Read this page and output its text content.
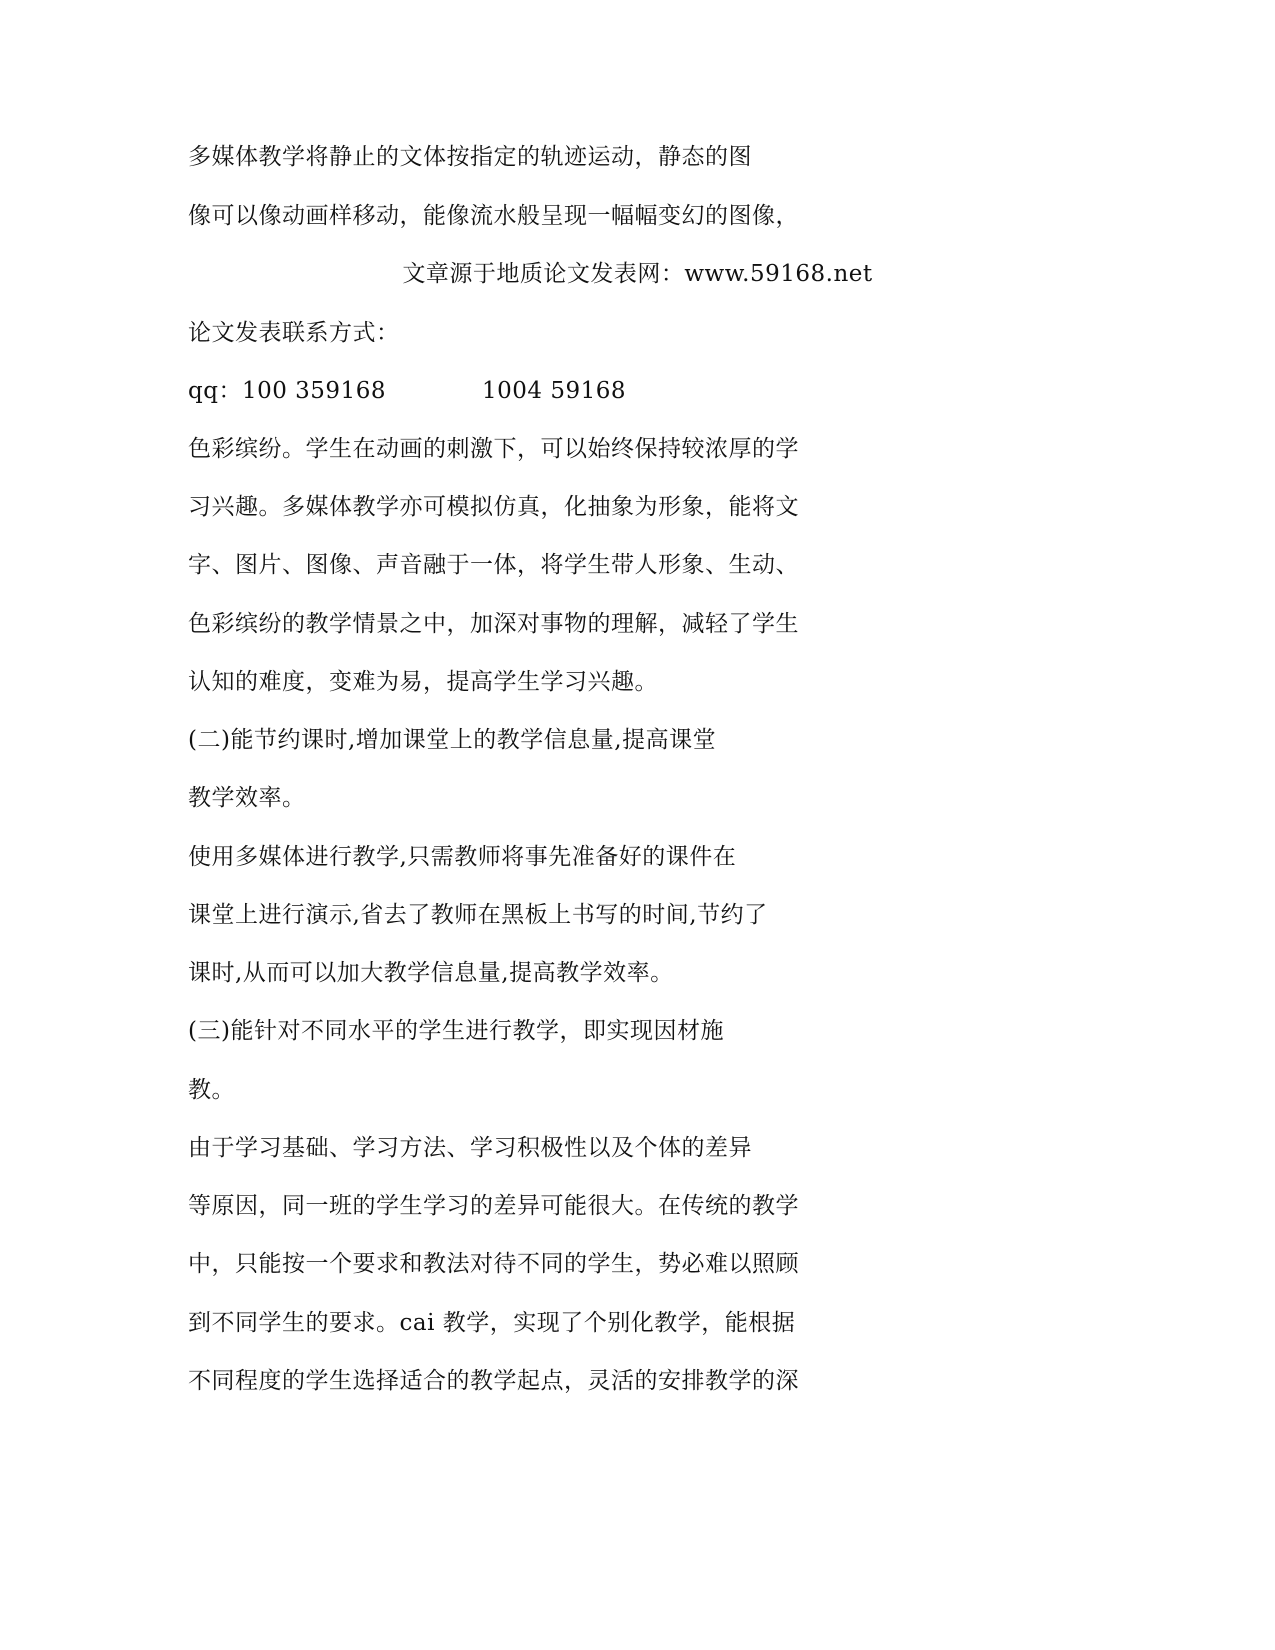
多媒体教学将静止的文体按指定的轨迹运动，静态的图
像可以像动画样移动，能像流水般呈现一幅幅变幻的图像，
文章源于地质论文发表网：www.59168.net
论文发表联系方式：
qq：100 359168	1004 59168
色彩缤纷。学生在动画的刺激下，可以始终保持较浓厚的学
习兴趣。多媒体教学亦可模拟仿真，化抽象为形象，能将文
字、图片、图像、声音融于一体，将学生带人形象、生动、
色彩缤纷的教学情景之中，加深对事物的理解，减轻了学生
认知的难度，变难为易，提高学生学习兴趣。
(二)能节约课时,增加课堂上的教学信息量,提高课堂
教学效率。
使用多媒体进行教学,只需教师将事先准备好的课件在
课堂上进行演示,省去了教师在黑板上书写的时间,节约了
课时,从而可以加大教学信息量,提高教学效率。
(三)能针对不同水平的学生进行教学，即实现因材施
教。
由于学习基础、学习方法、学习积极性以及个体的差异
等原因，同一班的学生学习的差异可能很大。在传统的教学
中，只能按一个要求和教法对待不同的学生，势必难以照顾
到不同学生的要求。cai 教学，实现了个别化教学，能根据
不同程度的学生选择适合的教学起点，灵活的安排教学的深
